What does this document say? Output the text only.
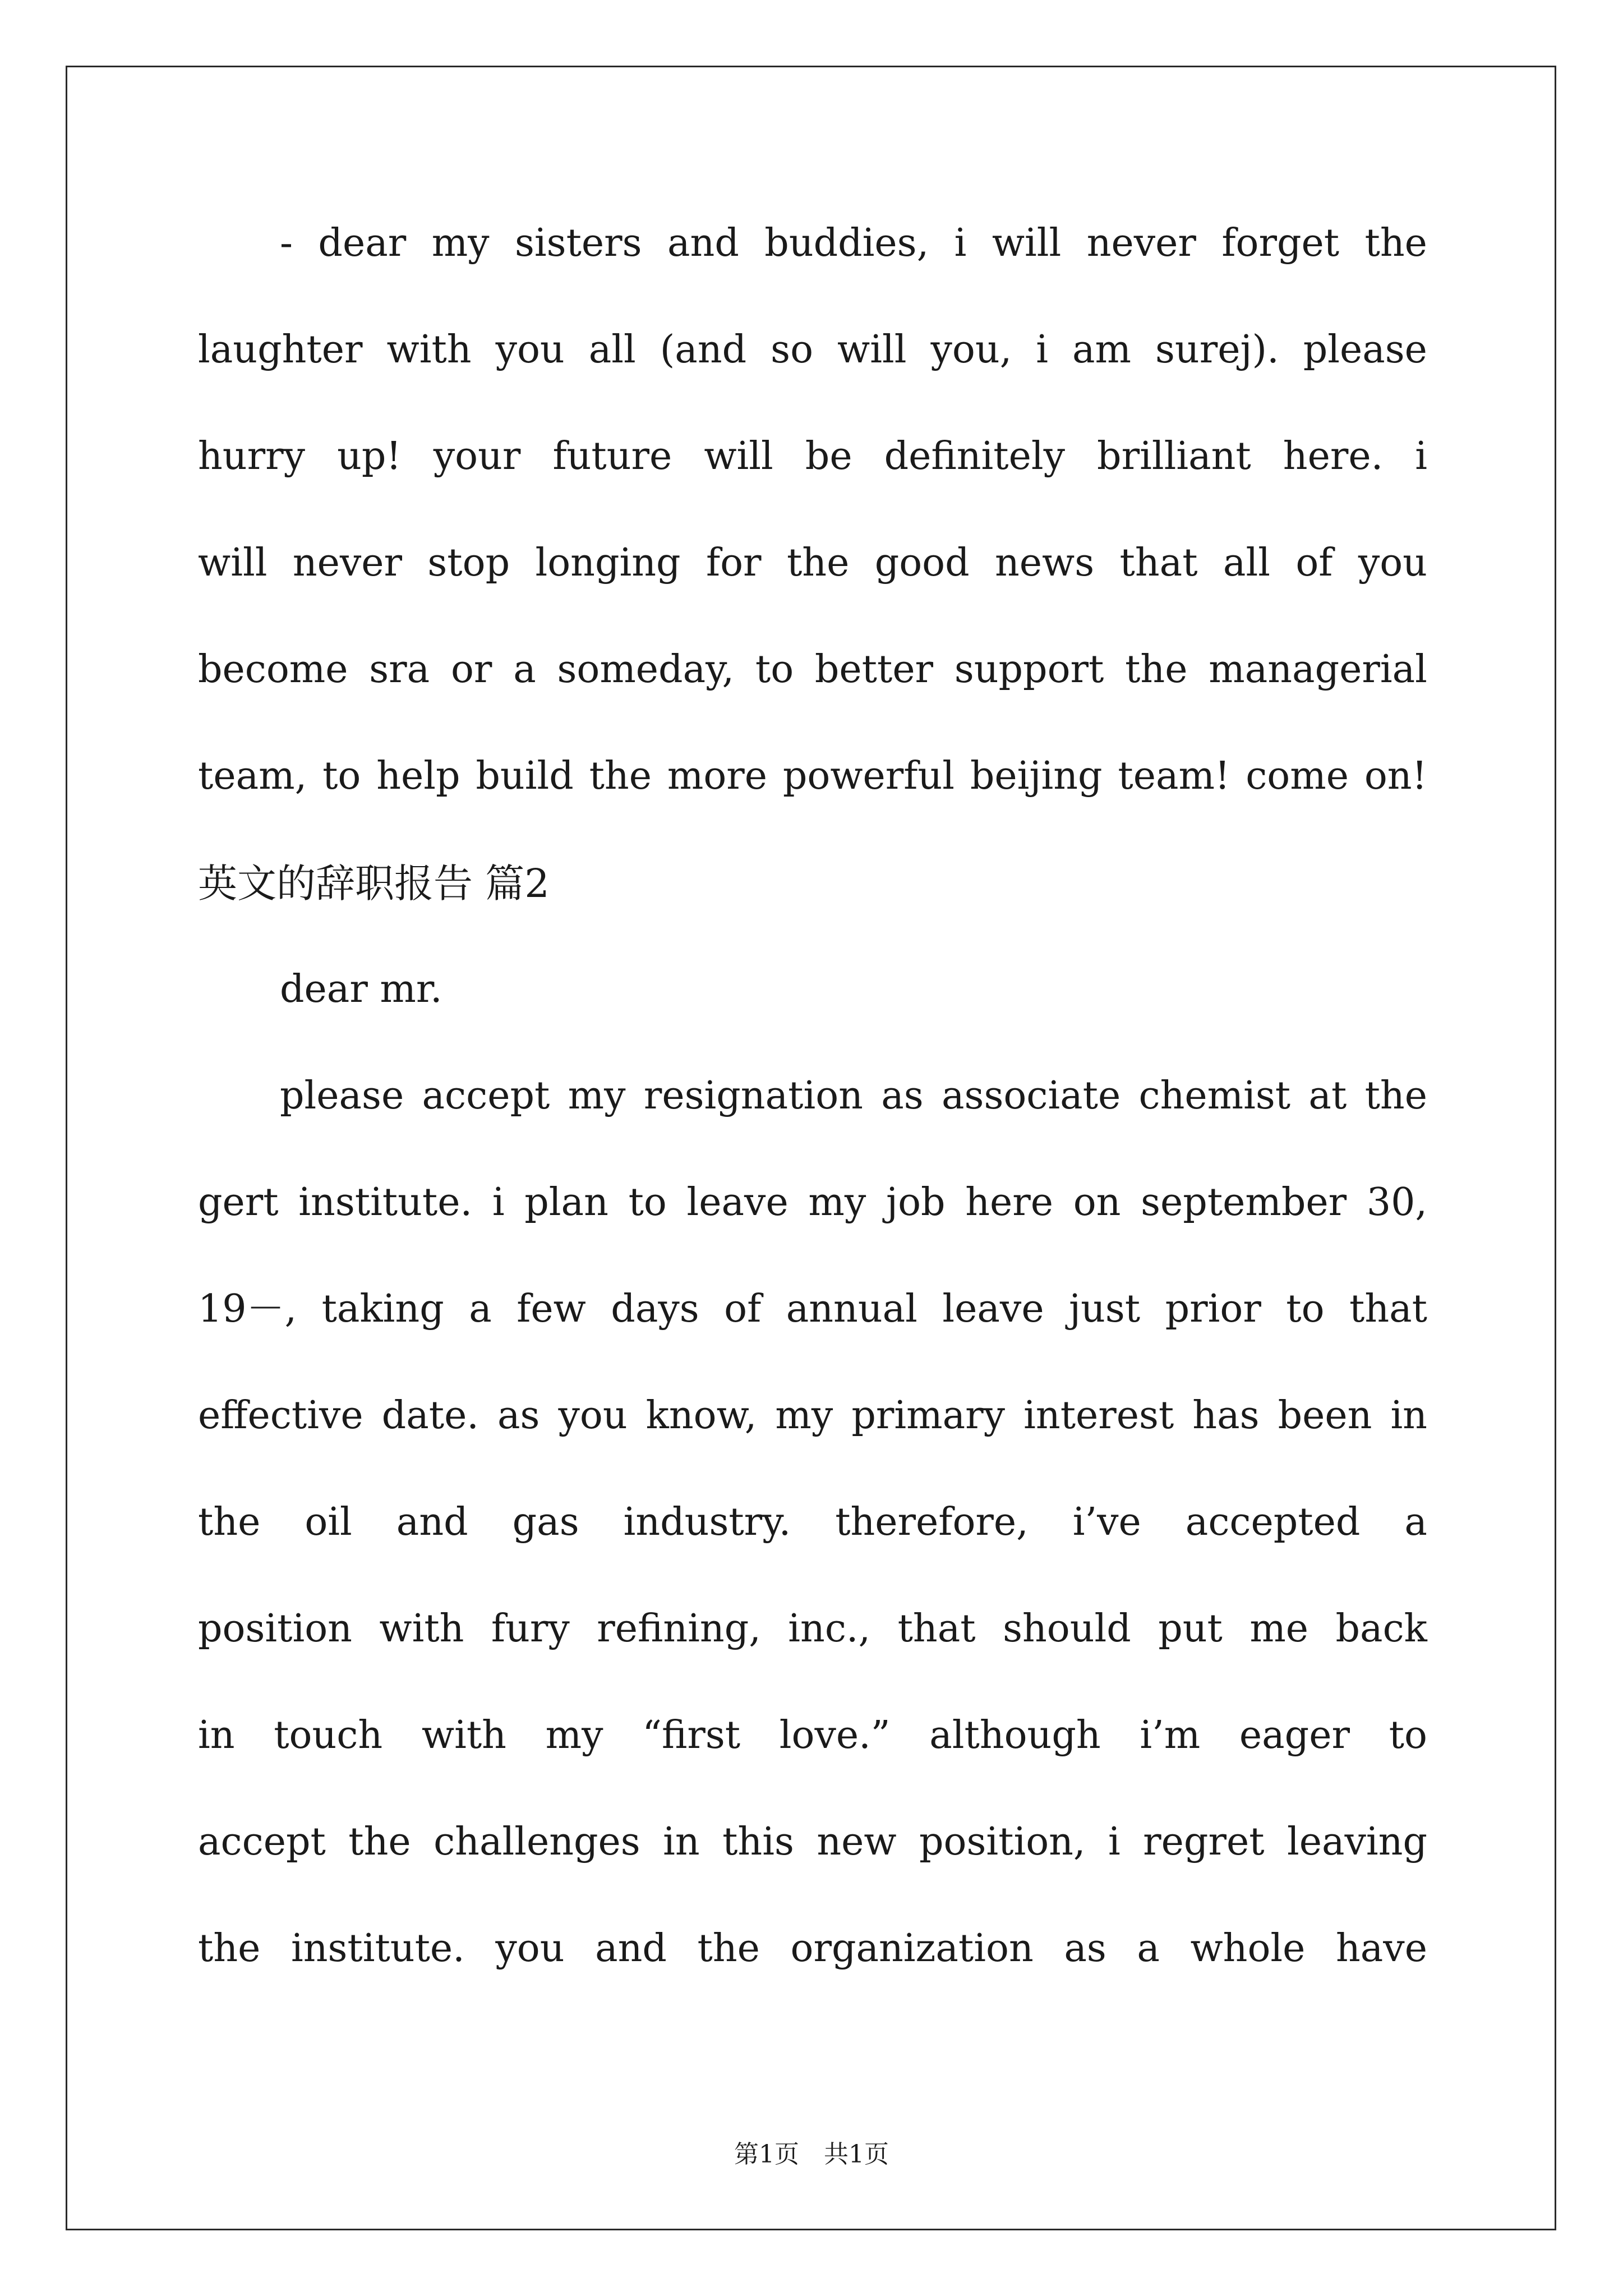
- dear my sisters and buddies, i will never forget the
laughter with you all (and so will you, i am surej). please
hurry up! your future will be definitely brilliant here. i
will never stop longing for the good news that all of you
become sra or a someday, to better support the managerial
team, to help build the more powerful beijing team! come on!
英文的辞职报告 篇2
dear mr.
please accept my resignation as associate chemist at the
gert institute. i plan to leave my job here on september 30,
19－, taking a few days of annual leave just prior to that
effective date. as you know, my primary interest has been in
the oil and gas industry. therefore, i’ve accepted a
position with fury refining, inc., that should put me back
in touch with my “first love.” although i’m eager to
accept the challenges in this new position, i regret leaving
the institute. you and the organization as a whole have
第1页　共1页
